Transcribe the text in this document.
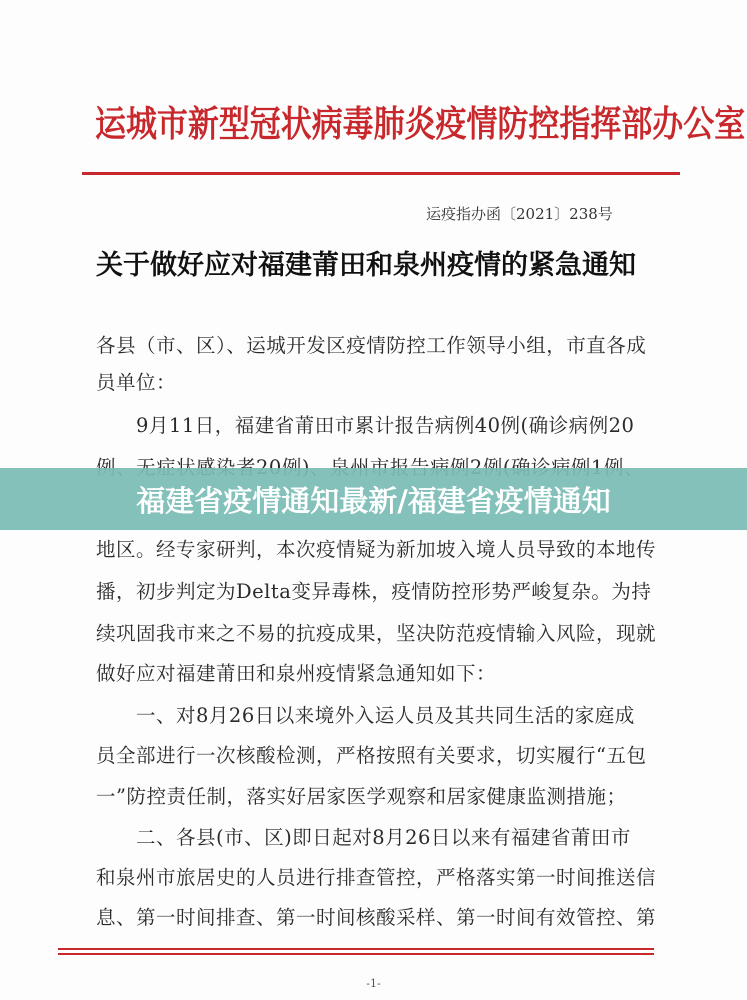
运城市新型冠状病毒肺炎疫情防控指挥部办公室
运疫指办函〔2021〕238号
关于做好应对福建莆田和泉州疫情的紧急通知
各县（市、区）、运城开发区疫情防控工作领导小组，市直各成
员单位：
9月11日，福建省莆田市累计报告病例40例(确诊病例20
地区。经专家研判，本次疫情疑为新加坡入境人员导致的本地传
播，初步判定为Delta变异毒株，疫情防控形势严峻复杂。为持
续巩固我市来之不易的抗疫成果，坚决防范疫情输入风险，现就
做好应对福建莆田和泉州疫情紧急通知如下：
一、对8月26日以来境外入运人员及其共同生活的家庭成
员全部进行一次核酸检测，严格按照有关要求，切实履行“五包
一”防控责任制，落实好居家医学观察和居家健康监测措施；
二、各县(市、区)即日起对8月26日以来有福建省莆田市
和泉州市旅居史的人员进行排查管控，严格落实第一时间推送信
息、第一时间排查、第一时间核酸采样、第一时间有效管控、第
-1-
福建省疫情通知最新/福建省疫情通知
